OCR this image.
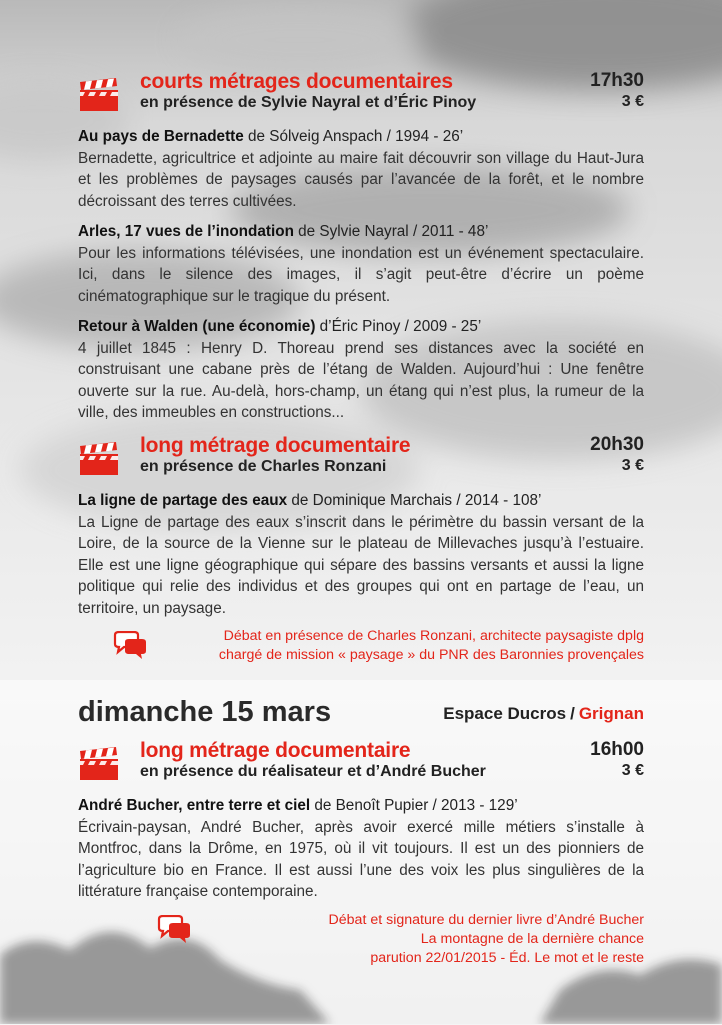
courts métrages documentaires
en présence de Sylvie Nayral et d’Éric Pinoy
17h30
3 €
Au pays de Bernadette de Sólveig Anspach / 1994 - 26’
Bernadette, agricultrice et adjointe au maire fait découvrir son village du Haut-Jura et les problèmes de paysages causés par l’avancée de la forêt, et le nombre décroissant des terres cultivées.
Arles, 17 vues de l’inondation de Sylvie Nayral / 2011 - 48’
Pour les informations télévisées, une inondation est un événement spectaculaire. Ici, dans le silence des images, il s’agit peut-être d’écrire un poème cinématographique sur le tragique du présent.
Retour à Walden (une économie) d’Éric Pinoy / 2009 - 25’
4 juillet 1845 : Henry D. Thoreau prend ses distances avec la société en construisant une cabane près de l’étang de Walden. Aujourd’hui : Une fenêtre ouverte sur la rue. Au-delà, hors-champ, un étang qui n’est plus, la rumeur de la ville, des immeubles en constructions...
long métrage documentaire
en présence de Charles Ronzani
20h30
3 €
La ligne de partage des eaux de Dominique Marchais / 2014 - 108’
La Ligne de partage des eaux s’inscrit dans le périmètre du bassin versant de la Loire, de la source de la Vienne sur le plateau de Millevaches jusqu’à l’estuaire. Elle est une ligne géographique qui sépare des bassins versants et aussi la ligne politique qui relie des individus et des groupes qui ont en partage de l’eau, un territoire, un paysage.
Débat en présence de Charles Ronzani, architecte paysagiste dplg
chargé de mission « paysage » du PNR des Baronnies provençales
dimanche 15 mars	Espace Ducros / Grignan
long métrage documentaire
en présence du réalisateur et d’André Bucher
16h00
3 €
André Bucher, entre terre et ciel de Benoît Pupier / 2013 - 129’
Écrivain-paysan, André Bucher, après avoir exercé mille métiers s’installe à Montfroc, dans la Drôme, en 1975, où il vit toujours. Il est un des pionniers de l’agriculture bio en France. Il est aussi l’une des voix les plus singulières de la littérature française contemporaine.
Débat et signature du dernier livre d’André Bucher
La montagne de la dernière chance
parution 22/01/2015 - Éd. Le mot et le reste
